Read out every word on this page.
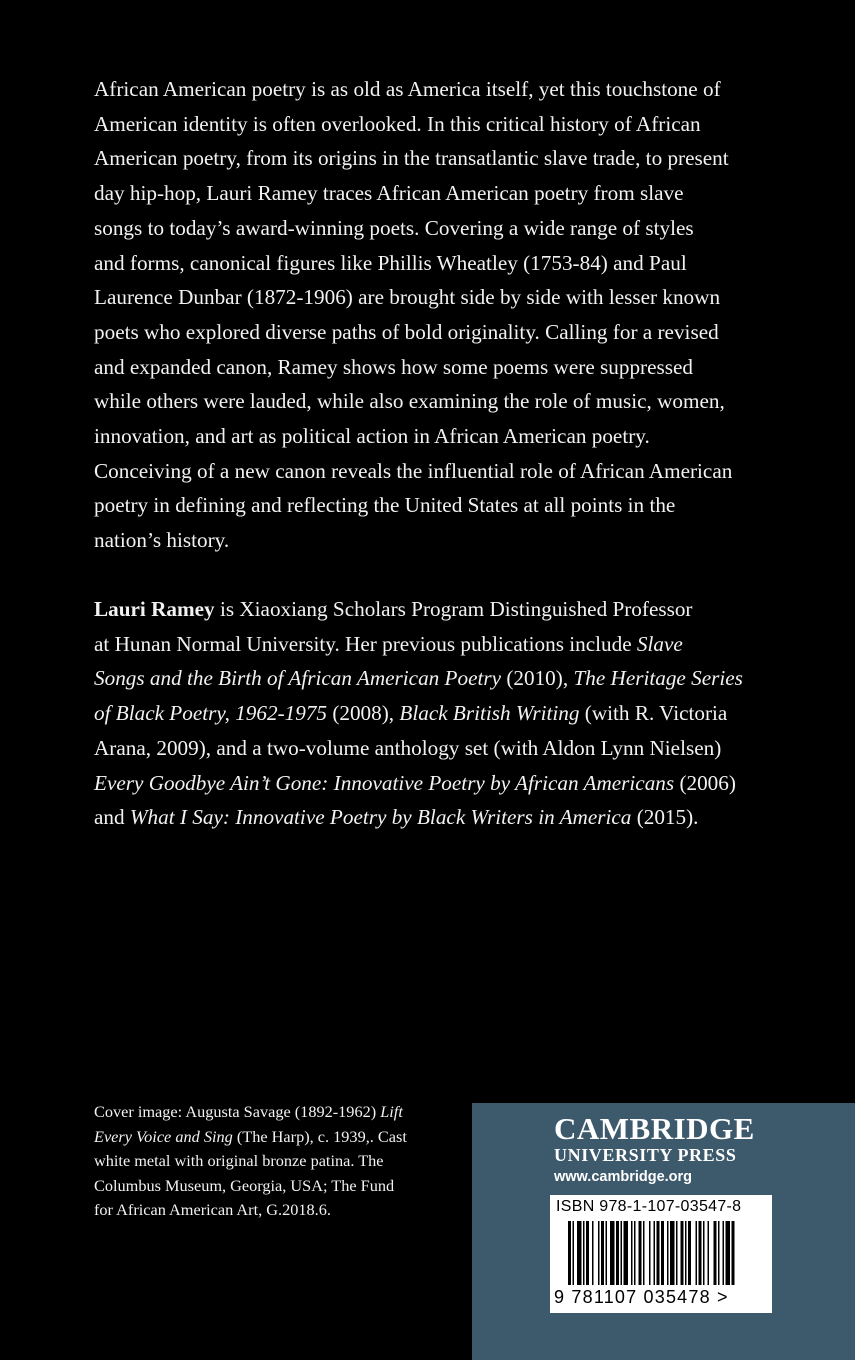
African American poetry is as old as America itself, yet this touchstone of
American identity is often overlooked. In this critical history of African
American poetry, from its origins in the transatlantic slave trade, to present
day hip-hop, Lauri Ramey traces African American poetry from slave
songs to today’s award-winning poets. Covering a wide range of styles
and forms, canonical figures like Phillis Wheatley (1753-84) and Paul
Laurence Dunbar (1872-1906) are brought side by side with lesser known
poets who explored diverse paths of bold originality. Calling for a revised
and expanded canon, Ramey shows how some poems were suppressed
while others were lauded, while also examining the role of music, women,
innovation, and art as political action in African American poetry.
Conceiving of a new canon reveals the influential role of African American
poetry in defining and reflecting the United States at all points in the
nation’s history.

Lauri Ramey is Xiaoxiang Scholars Program Distinguished Professor
at Hunan Normal University. Her previous publications include Slave
Songs and the Birth of African American Poetry (2010), The Heritage Series
of Black Poetry, 1962-1975 (2008), Black British Writing (with R. Victoria
Arana, 2009), and a two-volume anthology set (with Aldon Lynn Nielsen)
Every Goodbye Ain’t Gone: Innovative Poetry by African Americans (2006)
and What I Say: Innovative Poetry by Black Writers in America (2015).

Cover image: Augusta Savage (1892-1962) Lift
Every Voice and Sing (The Harp), c. 1939,. Cast
white metal with original bronze patina. The
Columbus Museum, Georgia, USA; The Fund
for African American Art, G.2018.6.

CAMBRIDGE
UNIVERSITY PRESS
www.cambridge.org
ISBN 978-1-107-03547-8
9 781107 035478 >
